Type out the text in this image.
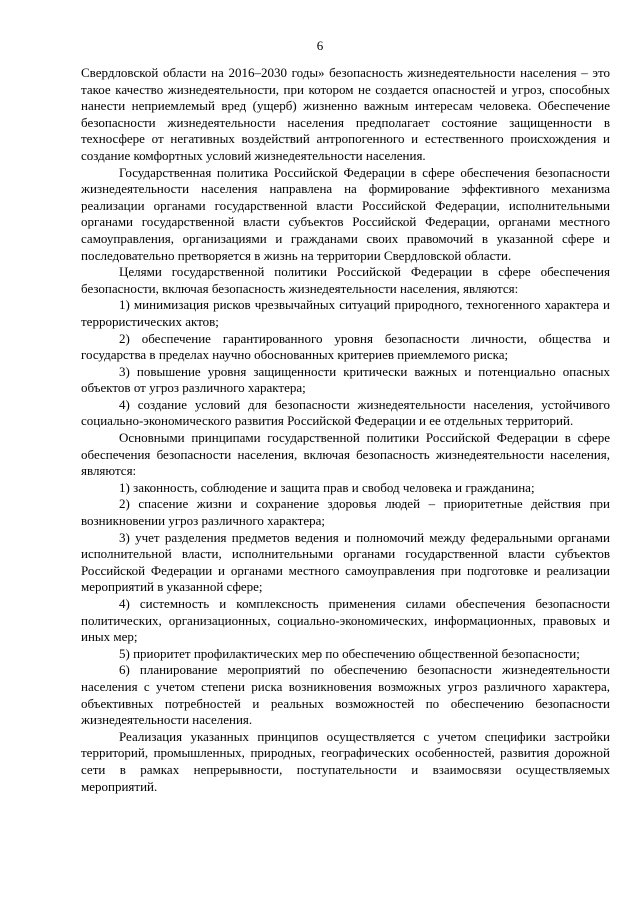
6

Свердловской области на 2016–2030 годы» безопасность жизнедеятельности населения – это такое качество жизнедеятельности, при котором не создается опасностей и угроз, способных нанести неприемлемый вред (ущерб) жизненно важным интересам человека. Обеспечение безопасности жизнедеятельности населения предполагает состояние защищенности в техносфере от негативных воздействий антропогенного и естественного происхождения и создание комфортных условий жизнедеятельности населения.

Государственная политика Российской Федерации в сфере обеспечения безопасности жизнедеятельности населения направлена на формирование эффективного механизма реализации органами государственной власти Российской Федерации, исполнительными органами государственной власти субъектов Российской Федерации, органами местного самоуправления, организациями и гражданами своих правомочий в указанной сфере и последовательно претворяется в жизнь на территории Свердловской области.

Целями государственной политики Российской Федерации в сфере обеспечения безопасности, включая безопасность жизнедеятельности населения, являются:

1) минимизация рисков чрезвычайных ситуаций природного, техногенного характера и террористических актов;

2) обеспечение гарантированного уровня безопасности личности, общества и государства в пределах научно обоснованных критериев приемлемого риска;

3) повышение уровня защищенности критически важных и потенциально опасных объектов от угроз различного характера;

4) создание условий для безопасности жизнедеятельности населения, устойчивого социально-экономического развития Российской Федерации и ее отдельных территорий.

Основными принципами государственной политики Российской Федерации в сфере обеспечения безопасности населения, включая безопасность жизнедеятельности населения, являются:

1) законность, соблюдение и защита прав и свобод человека и гражданина;

2) спасение жизни и сохранение здоровья людей – приоритетные действия при возникновении угроз различного характера;

3) учет разделения предметов ведения и полномочий между федеральными органами исполнительной власти, исполнительными органами государственной власти субъектов Российской Федерации и органами местного самоуправления при подготовке и реализации мероприятий в указанной сфере;

4) системность и комплексность применения силами обеспечения безопасности политических, организационных, социально-экономических, информационных, правовых и иных мер;

5) приоритет профилактических мер по обеспечению общественной безопасности;

6) планирование мероприятий по обеспечению безопасности жизнедеятельности населения с учетом степени риска возникновения возможных угроз различного характера, объективных потребностей и реальных возможностей по обеспечению безопасности жизнедеятельности населения.

Реализация указанных принципов осуществляется с учетом специфики застройки территорий, промышленных, природных, географических особенностей, развития дорожной сети в рамках непрерывности, поступательности и взаимосвязи осуществляемых мероприятий.
